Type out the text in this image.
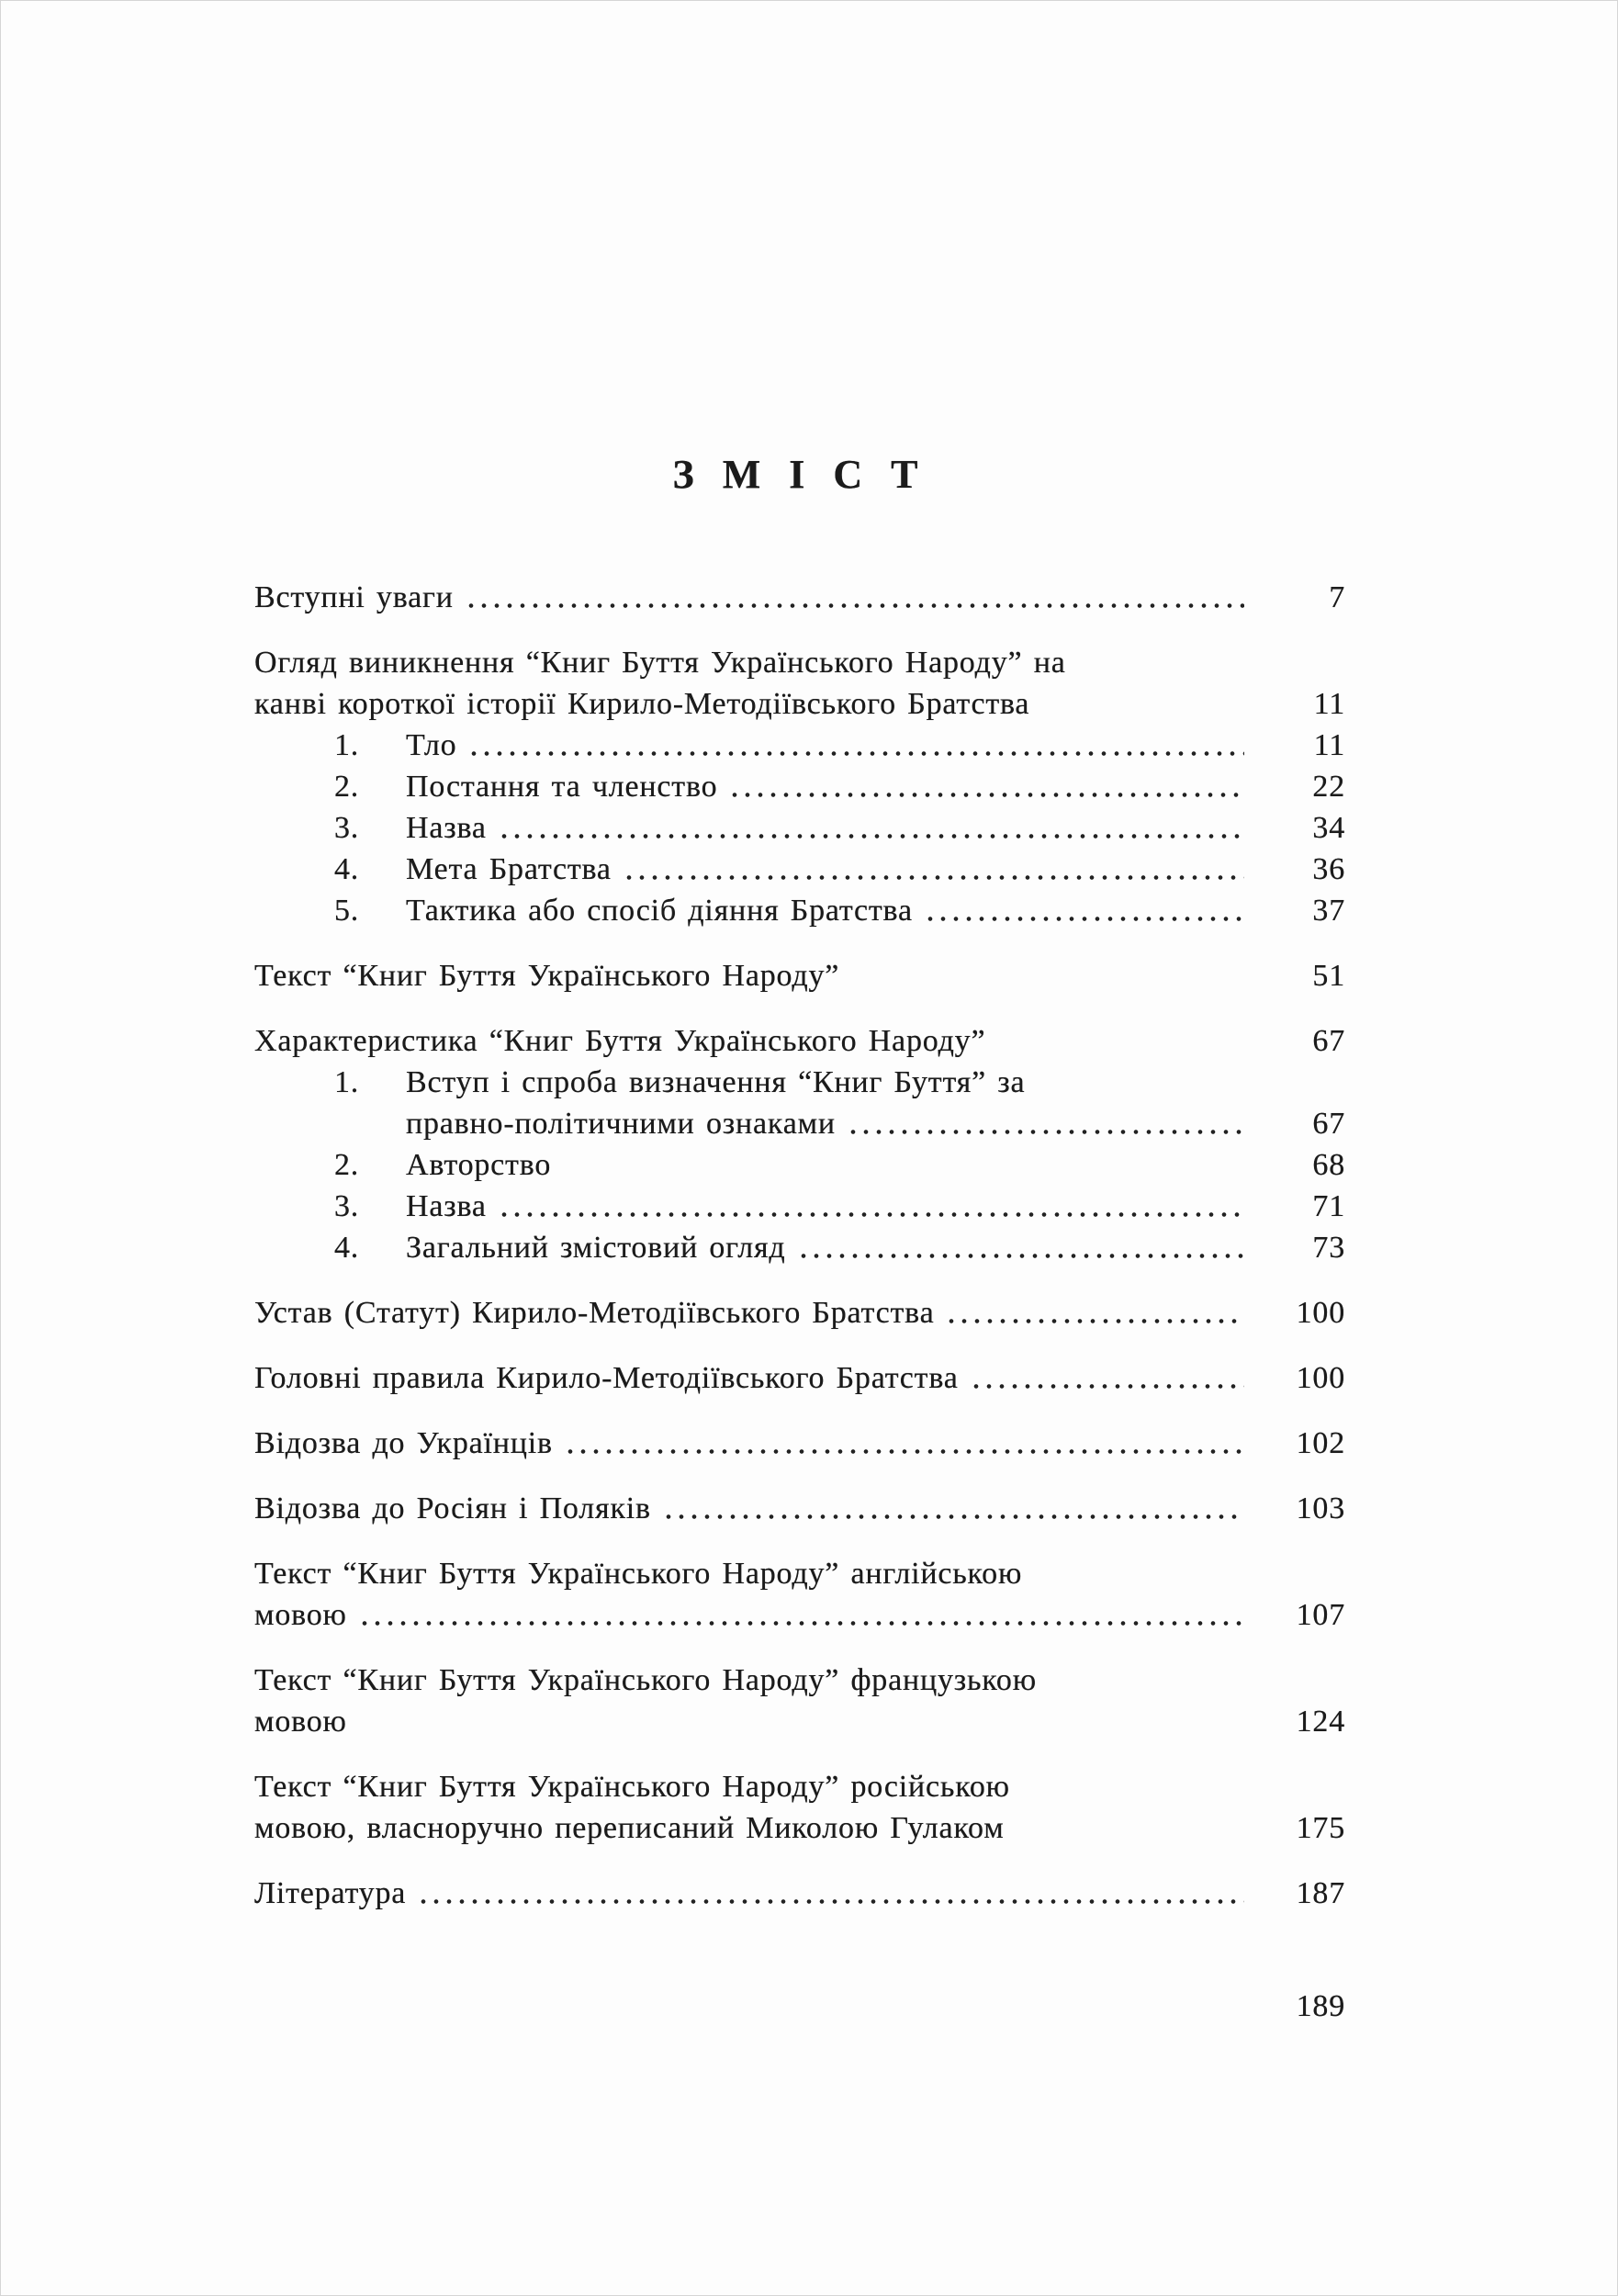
З М І С Т
Вступні уваги	7
Огляд виникнення “Книг Буття Українського Народу” на
канві короткої історії Кирило-Методіївського Братства	11
1.	Тло	11
2.	Постання та членство	22
3.	Назва	34
4.	Мета Братства	36
5.	Тактика або спосіб діяння Братства	37
Текст “Книг Буття Українського Народу”	51
Характеристика “Книг Буття Українського Народу”	67
1.	Вступ і спроба визначення “Книг Буття” за
правно-політичними ознаками	67
2.	Авторство	68
3.	Назва	71
4.	Загальний змістовий огляд	73
Устав (Статут) Кирило-Методіївського Братства	100
Головні правила Кирило-Методіївського Братства	100
Відозва до Українців	102
Відозва до Росіян і Поляків	103
Текст “Книг Буття Українського Народу” англійською
мовою	107
Текст “Книг Буття Українського Народу” французькою
мовою	124
Текст “Книг Буття Українського Народу” російською
мовою, власноручно переписаний Миколою Гулаком	175
Література	187
189
